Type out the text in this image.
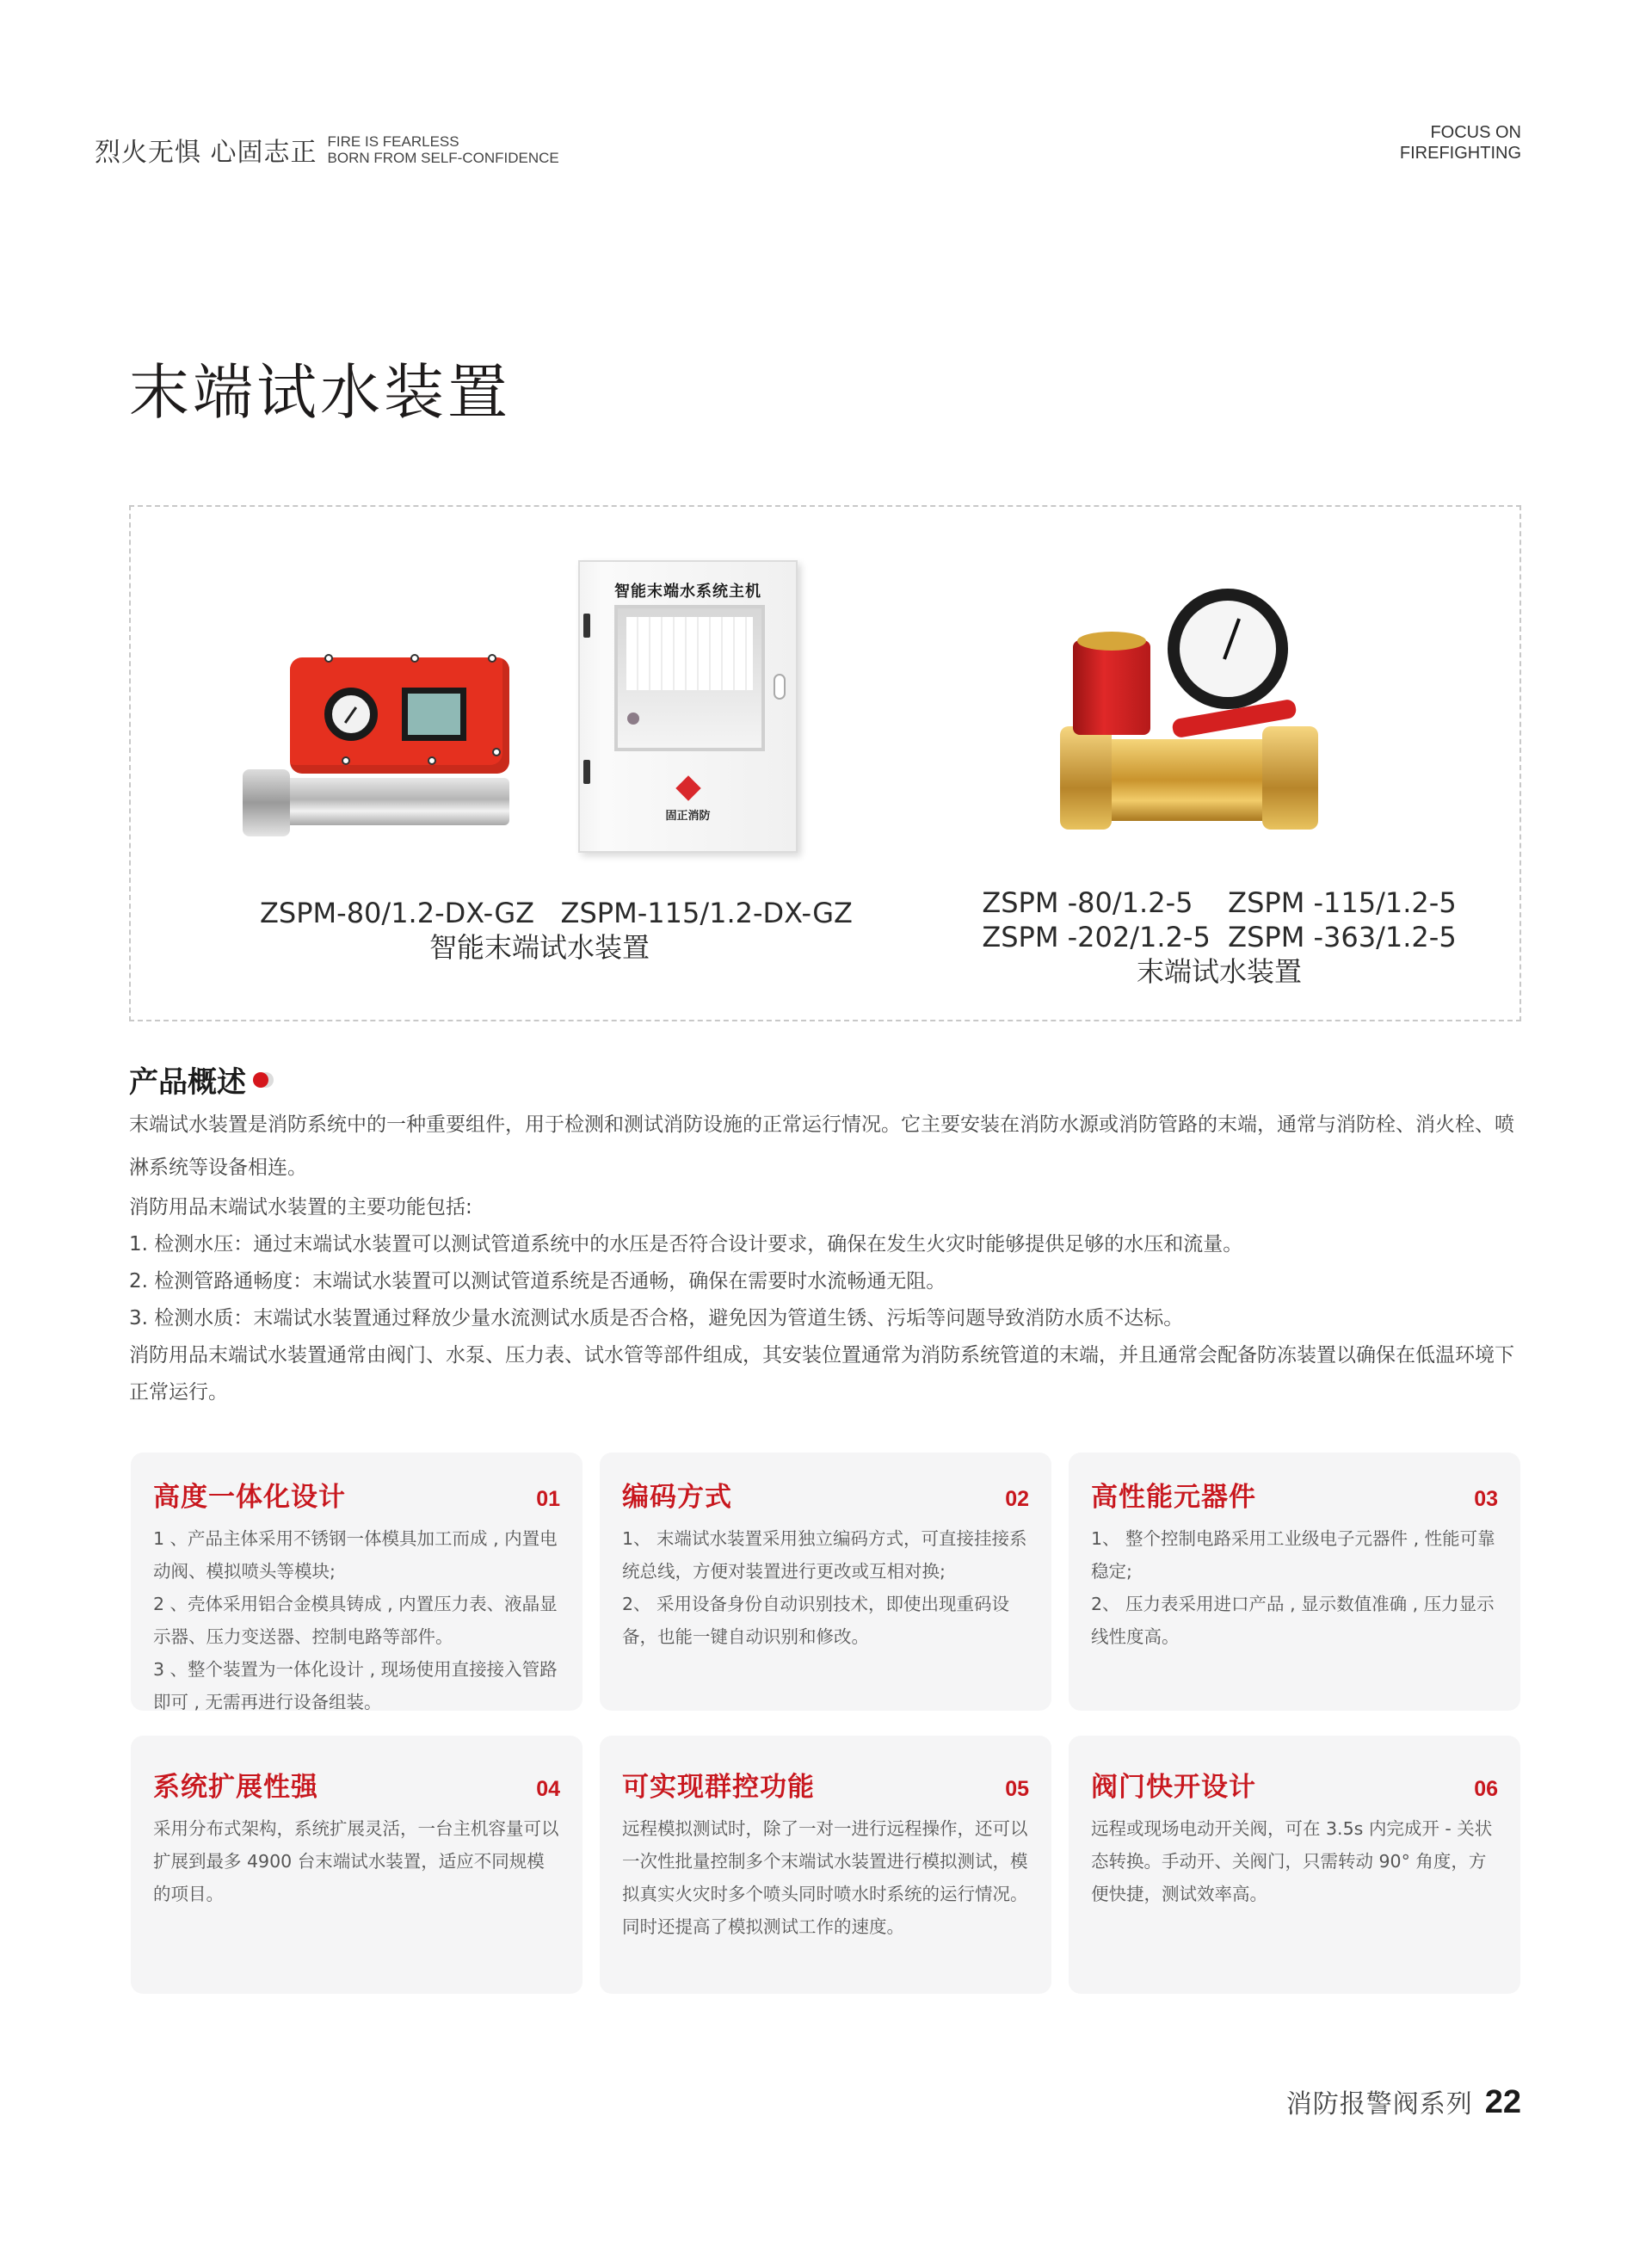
烈火无惧 心固志正 FIRE IS FEARLESS
BORN FROM SELF-CONFIDENCE
FOCUS ON
FIREFIGHTING
末端试水装置
智能末端水系统主机
固正消防
ZSPM-80/1.2-DX-GZ   ZSPM-115/1.2-DX-GZ
智能末端试水装置
ZSPM -80/1.2-5    ZSPM -115/1.2-5
ZSPM -202/1.2-5  ZSPM -363/1.2-5
末端试水装置
产品概述

末端试水装置是消防系统中的一种重要组件，用于检测和测试消防设施的正常运行情况。它主要安装在消防水源或消防管路的末端，通常与消防栓、消火栓、喷淋系统等设备相连。

消防用品末端试水装置的主要功能包括:

1. 检测水压：通过末端试水装置可以测试管道系统中的水压是否符合设计要求，确保在发生火灾时能够提供足够的水压和流量。

2. 检测管路通畅度：末端试水装置可以测试管道系统是否通畅，确保在需要时水流畅通无阻。

3. 检测水质：末端试水装置通过释放少量水流测试水质是否合格，避免因为管道生锈、污垢等问题导致消防水质不达标。

消防用品末端试水装置通常由阀门、水泵、压力表、试水管等部件组成，其安装位置通常为消防系统管道的末端，并且通常会配备防冻装置以确保在低温环境下正常运行。

高度一体化设计	01

1 、产品主体采用不锈钢一体模具加工而成 , 内置电动阀、模拟喷头等模块;

2 、壳体采用铝合金模具铸成 , 内置压力表、液晶显示器、压力变送器、控制电路等部件。

3 、整个装置为一体化设计 , 现场使用直接接入管路即可 , 无需再进行设备组装。

编码方式	02

1、 末端试水装置采用独立编码方式，可直接挂接系统总线，方便对装置进行更改或互相对换;

2、 采用设备身份自动识别技术，即使出现重码设备，也能一键自动识别和修改。

高性能元器件	03

1、 整个控制电路采用工业级电子元器件 , 性能可靠稳定;

2、 压力表采用进口产品 , 显示数值准确 , 压力显示线性度高。

系统扩展性强	04

采用分布式架构，系统扩展灵活，一台主机容量可以扩展到最多 4900 台末端试水装置，适应不同规模的项目。

可实现群控功能	05

远程模拟测试时，除了一对一进行远程操作，还可以一次性批量控制多个末端试水装置进行模拟测试，模拟真实火灾时多个喷头同时喷水时系统的运行情况。同时还提高了模拟测试工作的速度。

阀门快开设计	06

远程或现场电动开关阀，可在 3.5s 内完成开 - 关状态转换。手动开、关阀门，只需转动 90° 角度，方便快捷，测试效率高。

消防报警阀系列 22
